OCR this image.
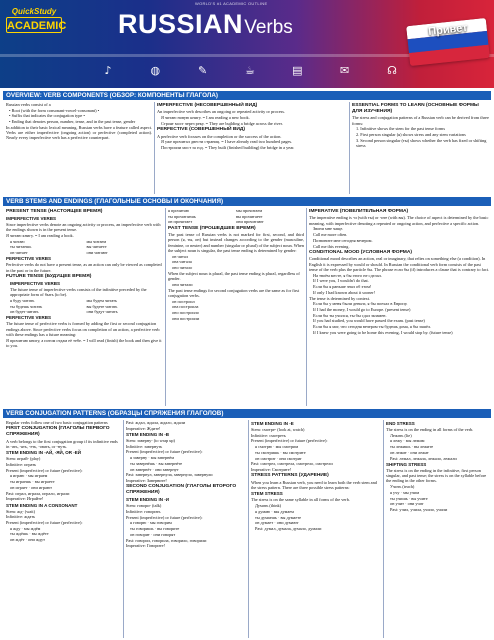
QuickStudy
ACADEMIC
WORLD'S #1 ACADEMIC OUTLINE
RUSSIAN Verbs	Привет
♪	◍	✎	☕	▤	✉	☊
OVERVIEW: VERB COMPONENTS (ОБЗОР: КОМПОНЕНТЫ ГЛАГОЛА)

Russian verbs consist of a

• Root (with the form consonant-vowel-consonant) •

• Suffix that indicates the conjugation type •

• Ending that denotes person, number, tense, and in the past tense, gender

In addition to their basic lexical meaning, Russian verbs have a feature called aspect. Verbs are either imperfective (ongoing action) or perfective (completed action). Nearly every imperfective verb has a perfective counterpart.

IMPERFECTIVE (НЕСОВЕРШЕННЫЙ ВИД)

An imperfective verb describes an ongoing or repeated activity or process.

Я читаю новую книгу. = I am reading a new book.

Строят мост через реку. = They are building a bridge across the river.

PERFECTIVE (СОВЕРШЕННЫЙ ВИД)

A perfective verb focuses on the completion or the success of the action.

Я уже прочитал двести страниц. = I have already read two hundred pages.

Построили мост за год. = They built (finished building) the bridge in a year.

ESSENTIAL FORMS TO LEARN (ОСНОВНЫЕ ФОРМЫ ДЛЯ ИЗУЧЕНИЯ)

The stress and conjugation patterns of a Russian verb can be derived from three forms:

1. Infinitive shows the stem for the past tense forms

2. First person singular (я) shows stress and any stem variations

3. Second person singular (ты) shows whether the verb has fixed or shifting stress

VERB STEMS AND ENDINGS (ГЛАГОЛЬНЫЕ ОСНОВЫ И ОКОНЧАНИЯ)
PRESENT TENSE (НАСТОЯЩЕЕ ВРЕМЯ)
IMPERFECTIVE VERBS

Since imperfective verbs denote an ongoing activity or process, an imperfective verb with the endings shown is in the present tense.

Я читаю книгу. = I am reading a book.

я читаю	мы читаем
ты читаешь	вы читаете
он читает	они читают
PERFECTIVE VERBS

Perfective verbs do not have a present tense, as an action can only be viewed as completed in the past or in the future.

FUTURE TENSE (БУДУЩЕЕ ВРЕМЯ)
IMPERFECTIVE VERBS

The future tense of imperfective verbs consists of the infinitive preceded by the appropriate form of быть (to be).

я буду читать	мы будем читать
ты будешь читать	вы будете читать
он будет читать	они будут читать
PERFECTIVE VERBS

The future tense of perfective verbs is formed by adding the first or second conjugation endings above. Since perfective verbs focus on completion of an action, a perfective verb with these endings has a future meaning:

Я прочитаю книгу, а потом отдам её тебе. = I will read (finish) the book and then give it to you.

я прочитаю	мы прочитаем
ты прочитаешь	вы прочитаете
он прочитает	они прочитают
PAST TENSE (ПРОШЕДШЕЕ ВРЕМЯ)

The past tense of Russian verbs is not marked for first, second, and third person (я, ты, он) but instead changes according to the gender (masculine, feminine, or neuter) and number (singular or plural) of the subject noun. When the subject noun is singular, the past tense ending is determined by gender:

он читал

она читала

оно читало

When the subject noun is plural, the past tense ending is plural, regardless of gender.

они читали

The past tense endings for second conjugation verbs are the same as for first conjugation verbs.

он построил

она построила

оно построило

они построили

IMPERATIVE (ПОВЕЛИТЕЛЬНАЯ ФОРМА)

The imperative ending is -и (with ты) or -ите (with вы). The choice of aspect is determined by the basic meaning, with imperfective denoting a repeated or ongoing action, and perfective a specific action.

Звони мне чаще.

Call me more often.

Позвоните мне сегодня вечером.

Call me this evening.

CONDITIONAL MOOD (УСЛОВНАЯ ФОРМА)

Conditional mood describes an action, real or imaginary, that relies on something else (a condition). In English it is expressed by would or should. In Russian the conditional verb form consists of the past tense of the verb plus the particle бы. The phrase если бы (if) introduces a clause that is contrary to fact.

На твоём месте, я бы этого не сделал.

If I were you, I wouldn't do that.

Если бы я раньше знал об этом!

If only I had known about it sooner!

The tense is determined by context.

Если бы у меня были деньги, я бы поехал в Европу.

If I had the money, I would go to Europe. (present tense)

Если бы ты учился, ты бы сдал экзамен.

If you had studied, you would have passed the exam. (past tense)

Если бы я мог, что сегодня вечером ты будешь дома, я бы зашёл.

If I knew you were going to be home this evening, I would stop by. (future tense)

VERB CONJUGATION PATTERNS (ОБРАЗЦЫ СПРЯЖЕНИЯ ГЛАГОЛОВ)

Regular verbs follow one of two basic conjugation patterns

FIRST CONJUGATION (ГЛАГОЛЫ ПЕРВОГО СПРЯЖЕНИЯ)

A verb belongs to the first conjugation group if its infinitive ends in -ать, -ять, -еть, -овать, or -нуть.

STEM ENDING IN -АЙ, -ЯЙ, OR -ЕЙ

Stem: играй- (play)

Infinitive: играть

Present (imperfective) or future (perfective):

я играю · мы играем

ты играешь · вы играете

он играет · они играют

Past: играл, играла, играло, играли

Imperative: Играйте!

STEM ENDING IN A CONSONANT

Stem: жд- (wait)

Infinitive: ждать

Present (imperfective) or future (perfective):

я жду · мы ждём

ты ждёшь · вы ждёте

он ждёт · они ждут

Past: ждал, ждала, ждало, ждали

Imperative: Ждите!

STEM ENDING IN -В

Stem: заверну- (to wrap up)

Infinitive: завернуть

Present (imperfective) or future (perfective):

я заверну · мы завернём

ты завернёшь · вы завернёте

он завернёт · они завернут

Past: завернул, завернула, завернуло, завернули

Imperative: Заверните!

SECOND CONJUGATION (ГЛАГОЛЫ ВТОРОГО СПРЯЖЕНИЯ)
STEM ENDING IN -И

Stem: говори- (talk)

Infinitive: говорить

Present (imperfective) or future (perfective):

я говорю · мы говорим

ты говоришь · вы говорите

он говорит · они говорят

Past: говорил, говорила, говорило, говорили

Imperative: Говорите!

STEM ENDING IN -Е

Stem: смотре- (look at, watch)

Infinitive: смотреть

Present (imperfective) or future (perfective):

я смотрю · мы смотрим

ты смотришь · вы смотрите

он смотрит · они смотрят

Past: смотрел, смотрела, смотрело, смотрели

Imperative: Смотрите!

STRESS PATTERNS (УДАРЕНИЕ)

When you learn a Russian verb, you need to learn both the verb stem and the stress pattern. There are three possible stress patterns:

STEM STRESS

The stress is on the same syllable in all forms of the verb.

Думать (think)

я думаю · мы думаем

ты думаешь · вы думаете

он думает · они думают

Past: думал, думала, думало, думали

END STRESS

The stress is on the ending in all forms of the verb.

Лежать (lie)

я лежу · мы лежим

ты лежишь · вы лежите

он лежит · они лежат

Past: лежал, лежала, лежало, лежали

SHIFTING STRESS

The stress is on the ending in the infinitive, first person singular, and past tense; the stress is on the syllable before the ending in the other forms.

Учить (teach)

я учу · мы учим

ты учишь · вы учите

он учит · они учат

Past: учил, учила, учило, учили
